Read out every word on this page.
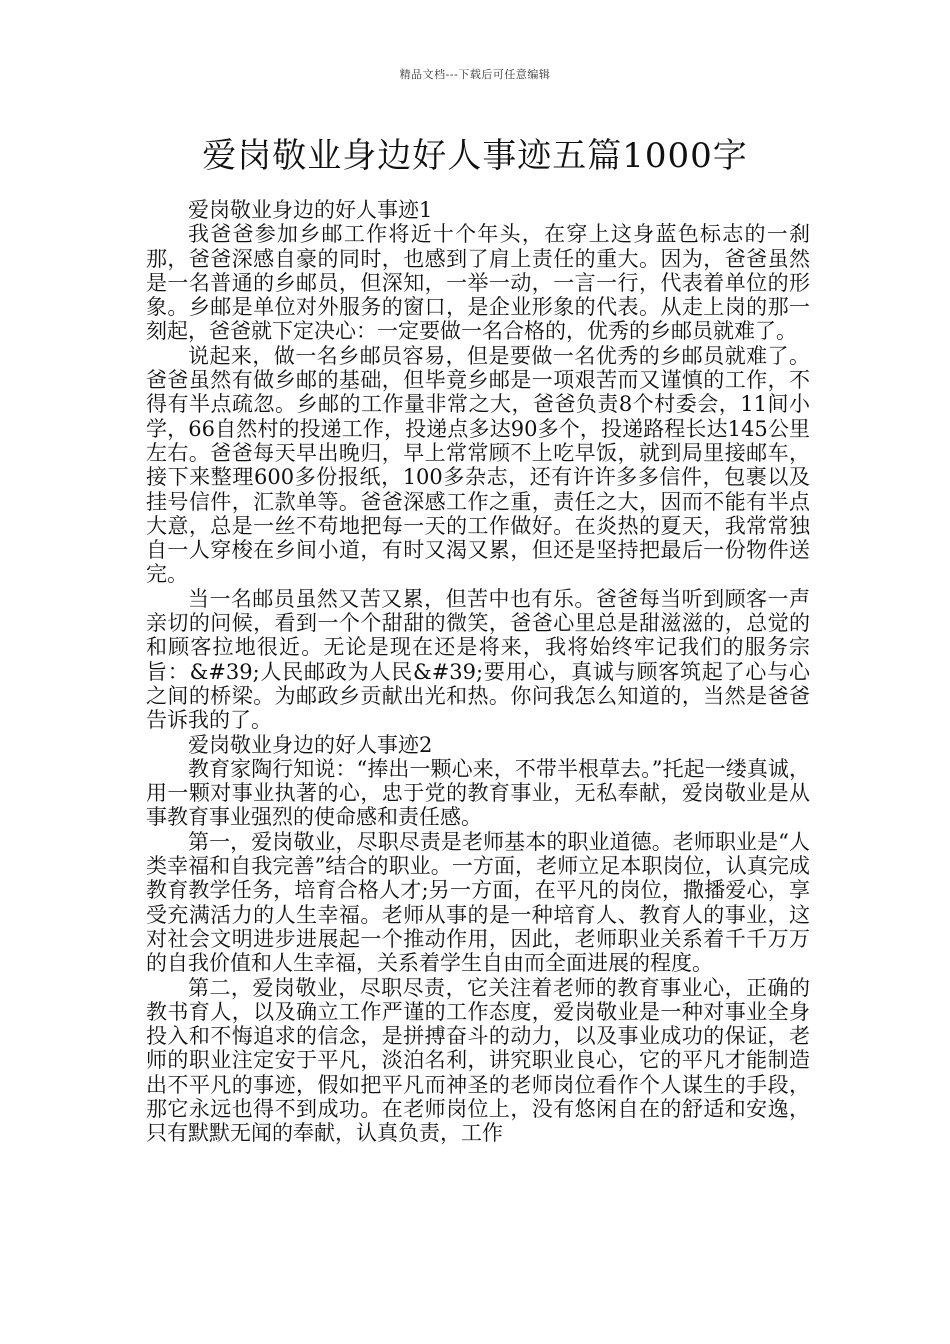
精品文档---下载后可任意编辑
爱岗敬业身边好人事迹五篇1000字

爱岗敬业身边的好人事迹1

我爸爸参加乡邮工作将近十个年头，在穿上这身蓝色标志的一刹那，爸爸深感自豪的同时，也感到了肩上责任的重大。因为，爸爸虽然是一名普通的乡邮员，但深知，一举一动，一言一行，代表着单位的形象。乡邮是单位对外服务的窗口，是企业形象的代表。从走上岗的那一刻起，爸爸就下定决心：一定要做一名合格的，优秀的乡邮员就难了。

说起来，做一名乡邮员容易，但是要做一名优秀的乡邮员就难了。爸爸虽然有做乡邮的基础，但毕竟乡邮是一项艰苦而又谨慎的工作，不得有半点疏忽。乡邮的工作量非常之大，爸爸负责8个村委会，11间小学，66自然村的投递工作，投递点多达90多个，投递路程长达145公里左右。爸爸每天早出晚归，早上常常顾不上吃早饭，就到局里接邮车，接下来整理600多份报纸，100多杂志，还有许许多多信件，包裹以及挂号信件，汇款单等。爸爸深感工作之重，责任之大，因而不能有半点大意，总是一丝不苟地把每一天的工作做好。在炎热的夏天，我常常独自一人穿梭在乡间小道，有时又渴又累，但还是坚持把最后一份物件送完。

当一名邮员虽然又苦又累，但苦中也有乐。爸爸每当听到顾客一声亲切的问候，看到一个个甜甜的微笑，爸爸心里总是甜滋滋的，总觉的和顾客拉地很近。无论是现在还是将来，我将始终牢记我们的服务宗旨：&#39;人民邮政为人民&#39;要用心，真诚与顾客筑起了心与心之间的桥梁。为邮政乡贡献出光和热。你问我怎么知道的，当然是爸爸告诉我的了。

爱岗敬业身边的好人事迹2

教育家陶行知说：“捧出一颗心来，不带半根草去。”托起一缕真诚，用一颗对事业执著的心，忠于党的教育事业，无私奉献，爱岗敬业是从事教育事业强烈的使命感和责任感。

第一，爱岗敬业，尽职尽责是老师基本的职业道德。老师职业是“人类幸福和自我完善”结合的职业。一方面，老师立足本职岗位，认真完成教育教学任务，培育合格人才;另一方面，在平凡的岗位，撒播爱心，享受充满活力的人生幸福。老师从事的是一种培育人、教育人的事业，这对社会文明进步进展起一个推动作用，因此，老师职业关系着千千万万的自我价值和人生幸福，关系着学生自由而全面进展的程度。

第二，爱岗敬业，尽职尽责，它关注着老师的教育事业心，正确的教书育人，以及确立工作严谨的工作态度，爱岗敬业是一种对事业全身投入和不悔追求的信念，是拼搏奋斗的动力，以及事业成功的保证，老师的职业注定安于平凡，淡泊名利，讲究职业良心，它的平凡才能制造出不平凡的事迹，假如把平凡而神圣的老师岗位看作个人谋生的手段，那它永远也得不到成功。在老师岗位上，没有悠闲自在的舒适和安逸，只有默默无闻的奉献，认真负责，工作
